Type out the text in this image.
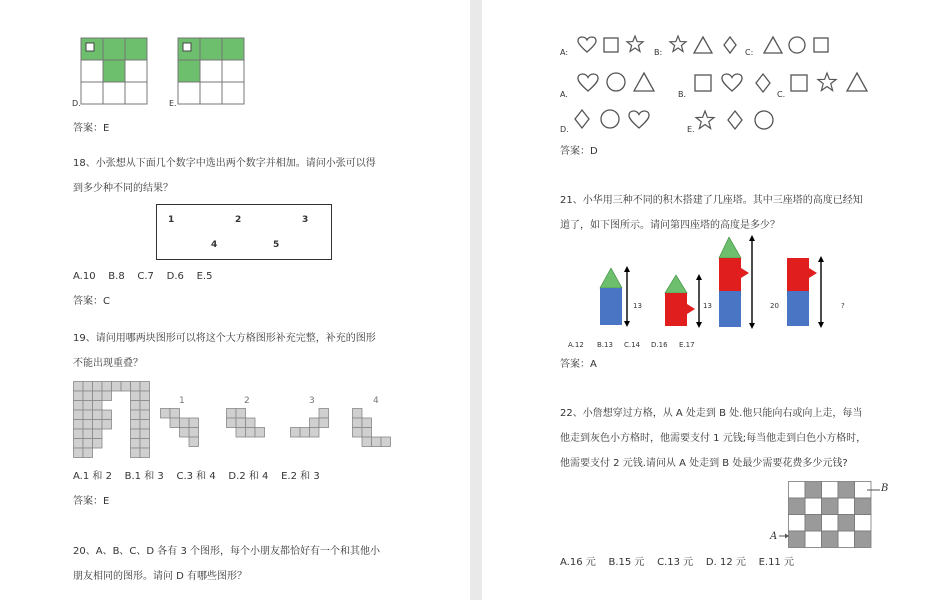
D.	E.
答案：E
18、小张想从下面几个数字中选出两个数字并相加。请问小张可以得
到多少种不同的结果？
1	2	3
4	5
A.10    B.8    C.7    D.6    E.5
答案：C
19、请问用哪两块图形可以将这个大方格图形补充完整，补充的图形
不能出现重叠？
1	2	3	4
A.1 和 2    B.1 和 3    C.3 和 4    D.2 和 4    E.2 和 3
答案：E
20、A、B、C、D 各有 3 个图形，每个小朋友都恰好有一个和其他小
朋友相同的图形。请问 D 有哪些图形？
A:	B:	C:
A.	B.	C.
D.	E.
答案：D
21、小华用三种不同的积木搭建了几座塔。其中三座塔的高度已经知
道了，如下图所示。请问第四座塔的高度是多少？
13	13	20	?
A.12 B.13 C.14 D.16 E.17
答案：A
22、小詹想穿过方格，从 A 处走到 B 处.他只能向右或向上走，每当
他走到灰色小方格时，他需要支付 1 元钱;每当他走到白色小方格时，
他需要支付 2 元钱.请问从 A 处走到 B 处最少需要花费多少元钱?
B
A
A.16 元    B.15 元    C.13 元    D. 12 元    E.11 元
